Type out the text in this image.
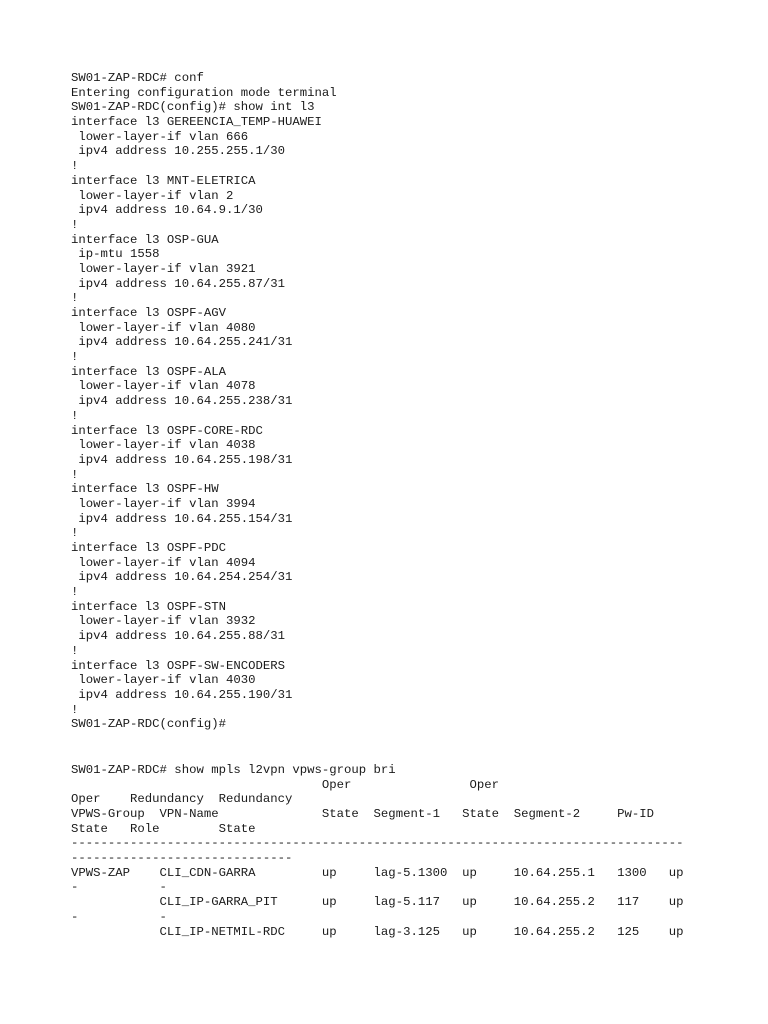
SW01-ZAP-RDC# conf
Entering configuration mode terminal
SW01-ZAP-RDC(config)# show int l3
interface l3 GEREENCIA_TEMP-HUAWEI
lower-layer-if vlan 666
ipv4 address 10.255.255.1/30
!
interface l3 MNT-ELETRICA
lower-layer-if vlan 2
ipv4 address 10.64.9.1/30
!
interface l3 OSP-GUA
ip-mtu 1558
lower-layer-if vlan 3921
ipv4 address 10.64.255.87/31
!
interface l3 OSPF-AGV
lower-layer-if vlan 4080
ipv4 address 10.64.255.241/31
!
interface l3 OSPF-ALA
lower-layer-if vlan 4078
ipv4 address 10.64.255.238/31
!
interface l3 OSPF-CORE-RDC
lower-layer-if vlan 4038
ipv4 address 10.64.255.198/31
!
interface l3 OSPF-HW
lower-layer-if vlan 3994
ipv4 address 10.64.255.154/31
!
interface l3 OSPF-PDC
lower-layer-if vlan 4094
ipv4 address 10.64.254.254/31
!
interface l3 OSPF-STN
lower-layer-if vlan 3932
ipv4 address 10.64.255.88/31
!
interface l3 OSPF-SW-ENCODERS
lower-layer-if vlan 4030
ipv4 address 10.64.255.190/31
!
SW01-ZAP-RDC(config)#
SW01-ZAP-RDC# show mpls l2vpn vpws-group bri
Oper                Oper
Oper    Redundancy  Redundancy
VPWS-Group  VPN-Name              State  Segment-1   State  Segment-2     Pw-ID
State   Role        State
-----------------------------------------------------------------------------------
------------------------------
VPWS-ZAP    CLI_CDN-GARRA         up     lag-5.1300  up     10.64.255.1   1300   up
-           -
CLI_IP-GARRA_PIT      up     lag-5.117   up     10.64.255.2   117    up
-           -
CLI_IP-NETMIL-RDC     up     lag-3.125   up     10.64.255.2   125    up
